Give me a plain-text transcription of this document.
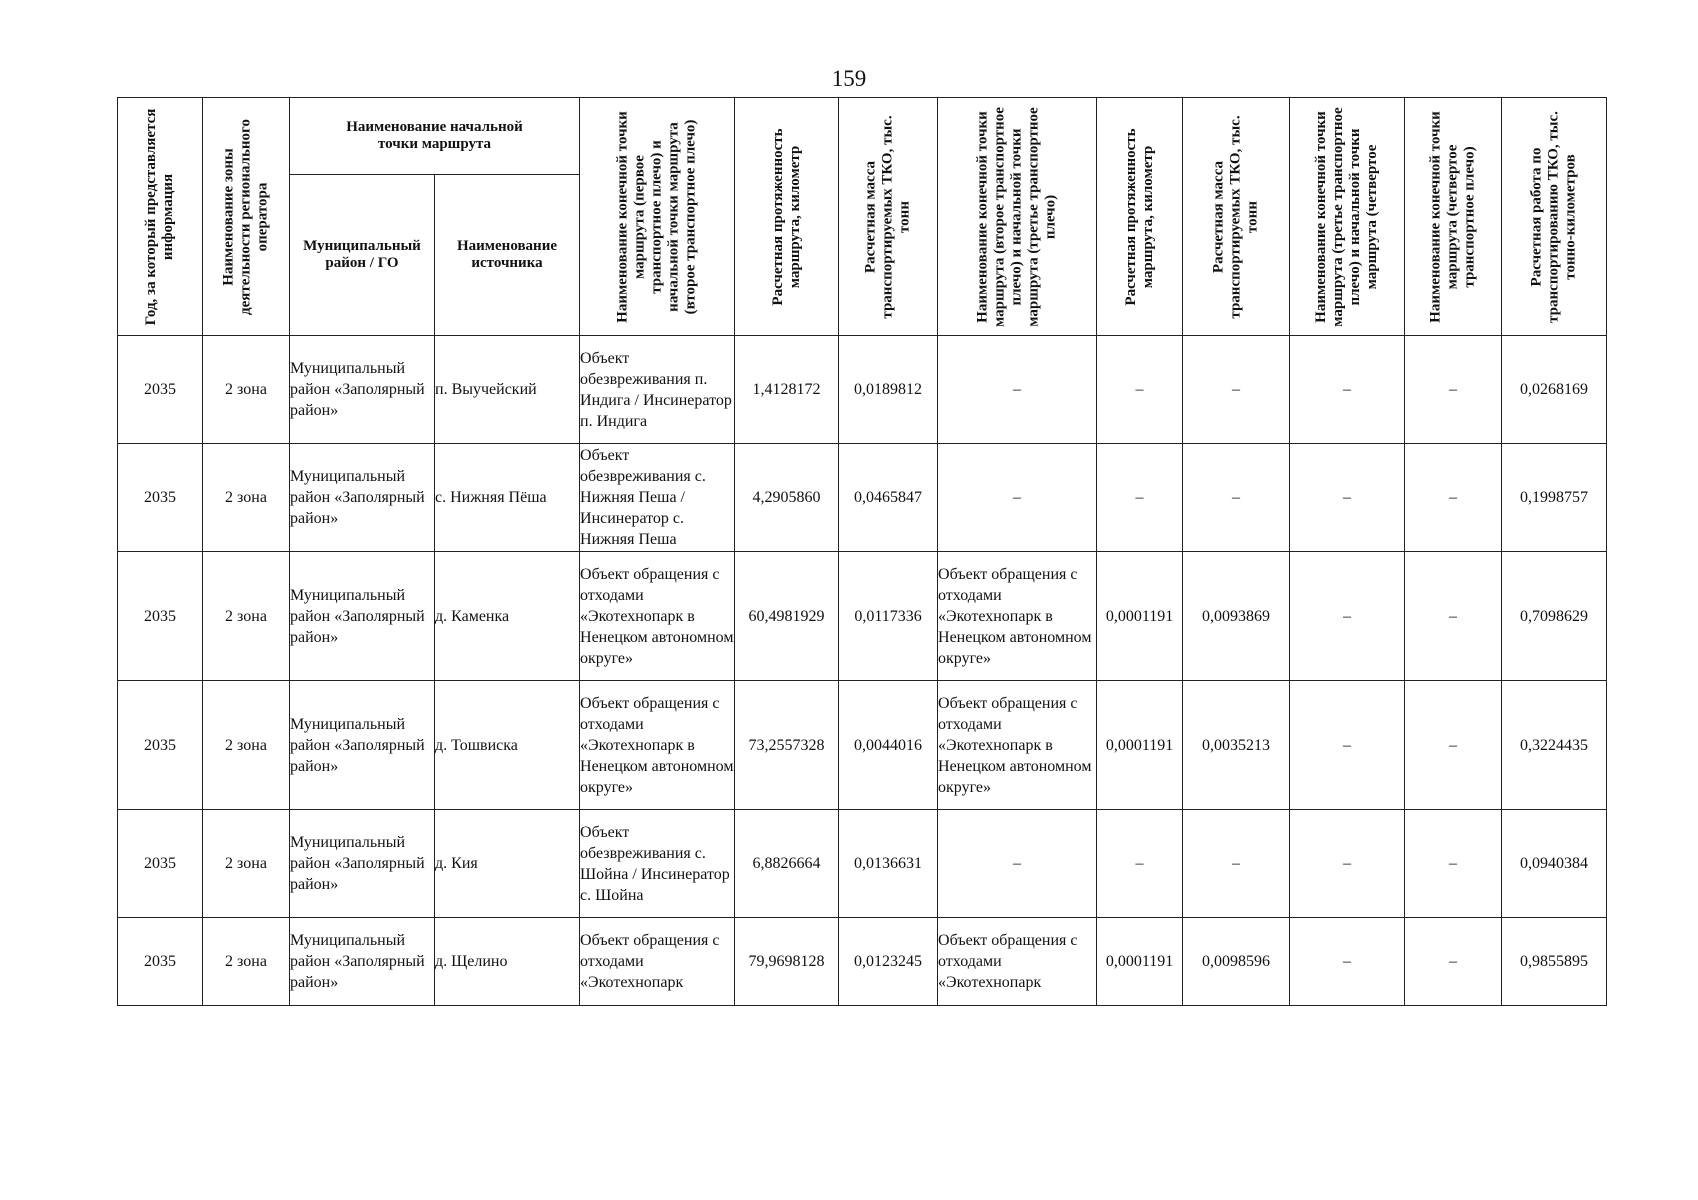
159
Год, за который представляется информация	Наименование зоны деятельности регионального оператора	Наименование начальной точки маршрута		Наименование конечной точки маршрута (первое транспортное плечо) и начальной точки маршрута (второе транспортное плечо)	Расчетная протяженность маршрута, километр	Расчетная масса транспортируемых ТКО, тыс. тонн	Наименование конечной точки маршрута (второе транспортное плечо) и начальной точки маршрута (третье транспортное плечо)	Расчетная протяженность маршрута, километр	Расчетная масса транспортируемых ТКО, тыс. тонн	Наименование конечной точки маршрута (третье транспортное плечо) и начальной точки маршрута (четвертое	Наименование конечной точки маршрута (четвертое транспортное плечо)	Расчетная работа по транспортированию ТКО, тыс. тонно-километров

		Муниципальный район / ГО	Наименование источника									

2035	2 зона	Муниципальный район «Заполярный район»	п. Выучейский	Объект обезвреживания п. Индига / Инсинератор п. Индига	1,4128172	0,0189812	–	–	–	–	–	0,0268169
2035	2 зона	Муниципальный район «Заполярный район»	с. Нижняя Пёша	Объект обезвреживания с. Нижняя Пеша / Инсинератор с. Нижняя Пеша	4,2905860	0,0465847	–	–	–	–	–	0,1998757
2035	2 зона	Муниципальный район «Заполярный район»	д. Каменка	Объект обращения с отходами «Экотехнопарк в Ненецком автономном округе»	60,4981929	0,0117336	Объект обращения с отходами «Экотехнопарк в Ненецком автономном округе»	0,0001191	0,0093869	–	–	0,7098629
2035	2 зона	Муниципальный район «Заполярный район»	д. Тошвиска	Объект обращения с отходами «Экотехнопарк в Ненецком автономном округе»	73,2557328	0,0044016	Объект обращения с отходами «Экотехнопарк в Ненецком автономном округе»	0,0001191	0,0035213	–	–	0,3224435
2035	2 зона	Муниципальный район «Заполярный район»	д. Кия	Объект обезвреживания с. Шойна / Инсинератор с. Шойна	6,8826664	0,0136631	–	–	–	–	–	0,0940384
2035	2 зона	Муниципальный район «Заполярный район»	д. Щелино	Объект обращения с отходами «Экотехнопарк	79,9698128	0,0123245	Объект обращения с отходами «Экотехнопарк	0,0001191	0,0098596	–	–	0,9855895
